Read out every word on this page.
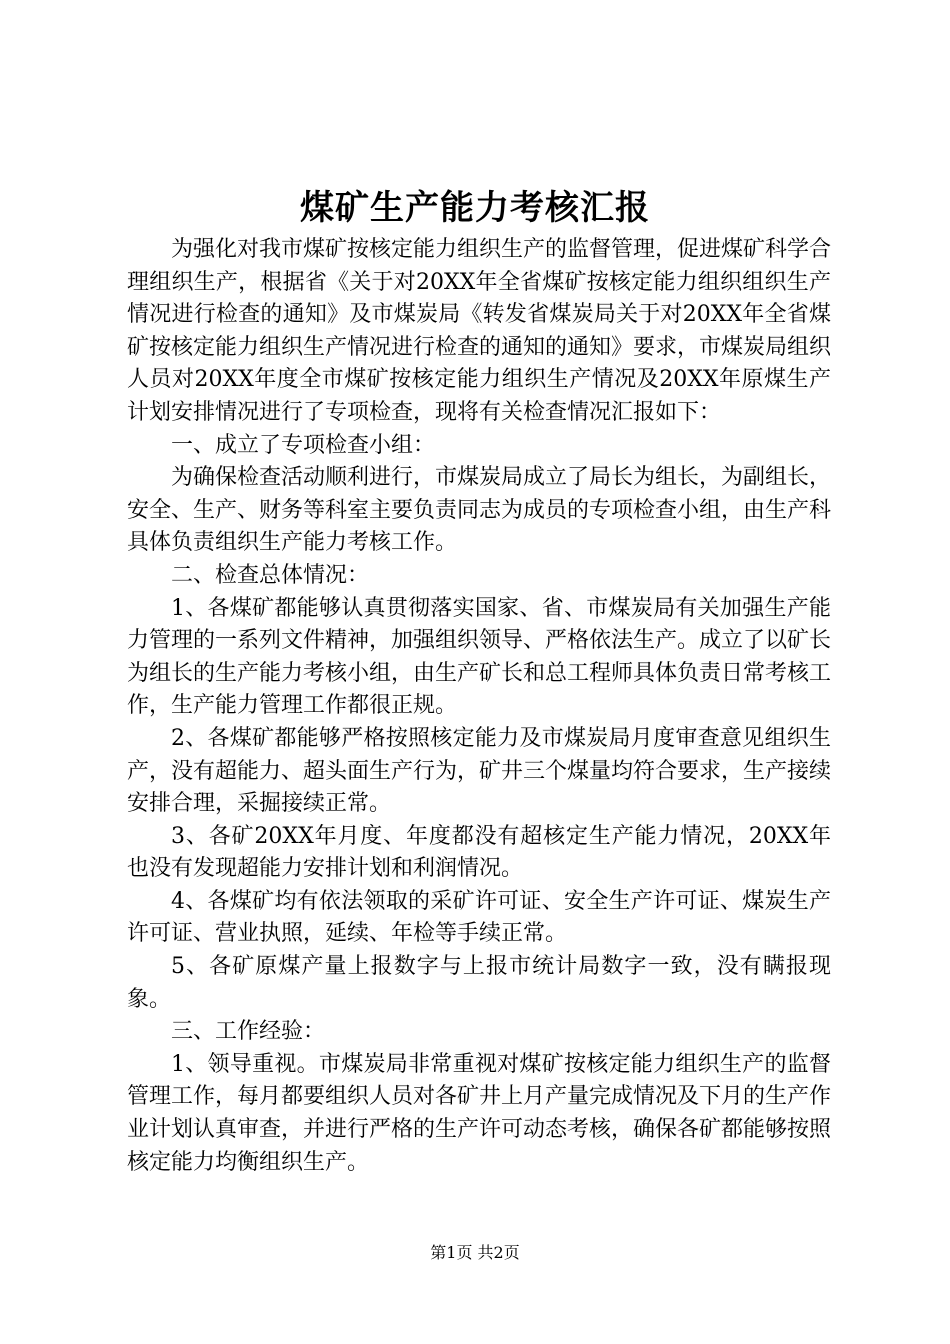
煤矿生产能力考核汇报

为强化对我市煤矿按核定能力组织生产的监督管理，促进煤矿科学合理组织生产，根据省《关于对20XX年全省煤矿按核定能力组织组织生产情况进行检查的通知》及市煤炭局《转发省煤炭局关于对20XX年全省煤矿按核定能力组织生产情况进行检查的通知的通知》要求，市煤炭局组织人员对20XX年度全市煤矿按核定能力组织生产情况及20XX年原煤生产计划安排情况进行了专项检查，现将有关检查情况汇报如下：

一、成立了专项检查小组：

为确保检查活动顺利进行，市煤炭局成立了局长为组长，为副组长，安全、生产、财务等科室主要负责同志为成员的专项检查小组，由生产科具体负责组织生产能力考核工作。

二、检查总体情况：

1、各煤矿都能够认真贯彻落实国家、省、市煤炭局有关加强生产能力管理的一系列文件精神，加强组织领导、严格依法生产。成立了以矿长为组长的生产能力考核小组，由生产矿长和总工程师具体负责日常考核工作，生产能力管理工作都很正规。

2、各煤矿都能够严格按照核定能力及市煤炭局月度审查意见组织生产，没有超能力、超头面生产行为，矿井三个煤量均符合要求，生产接续安排合理，采掘接续正常。

3、各矿20XX年月度、年度都没有超核定生产能力情况，20XX年也没有发现超能力安排计划和利润情况。

4、各煤矿均有依法领取的采矿许可证、安全生产许可证、煤炭生产许可证、营业执照，延续、年检等手续正常。

5、各矿原煤产量上报数字与上报市统计局数字一致，没有瞒报现象。

三、工作经验：

1、领导重视。市煤炭局非常重视对煤矿按核定能力组织生产的监督管理工作，每月都要组织人员对各矿井上月产量完成情况及下月的生产作业计划认真审查，并进行严格的生产许可动态考核，确保各矿都能够按照核定能力均衡组织生产。

第1页 共2页
